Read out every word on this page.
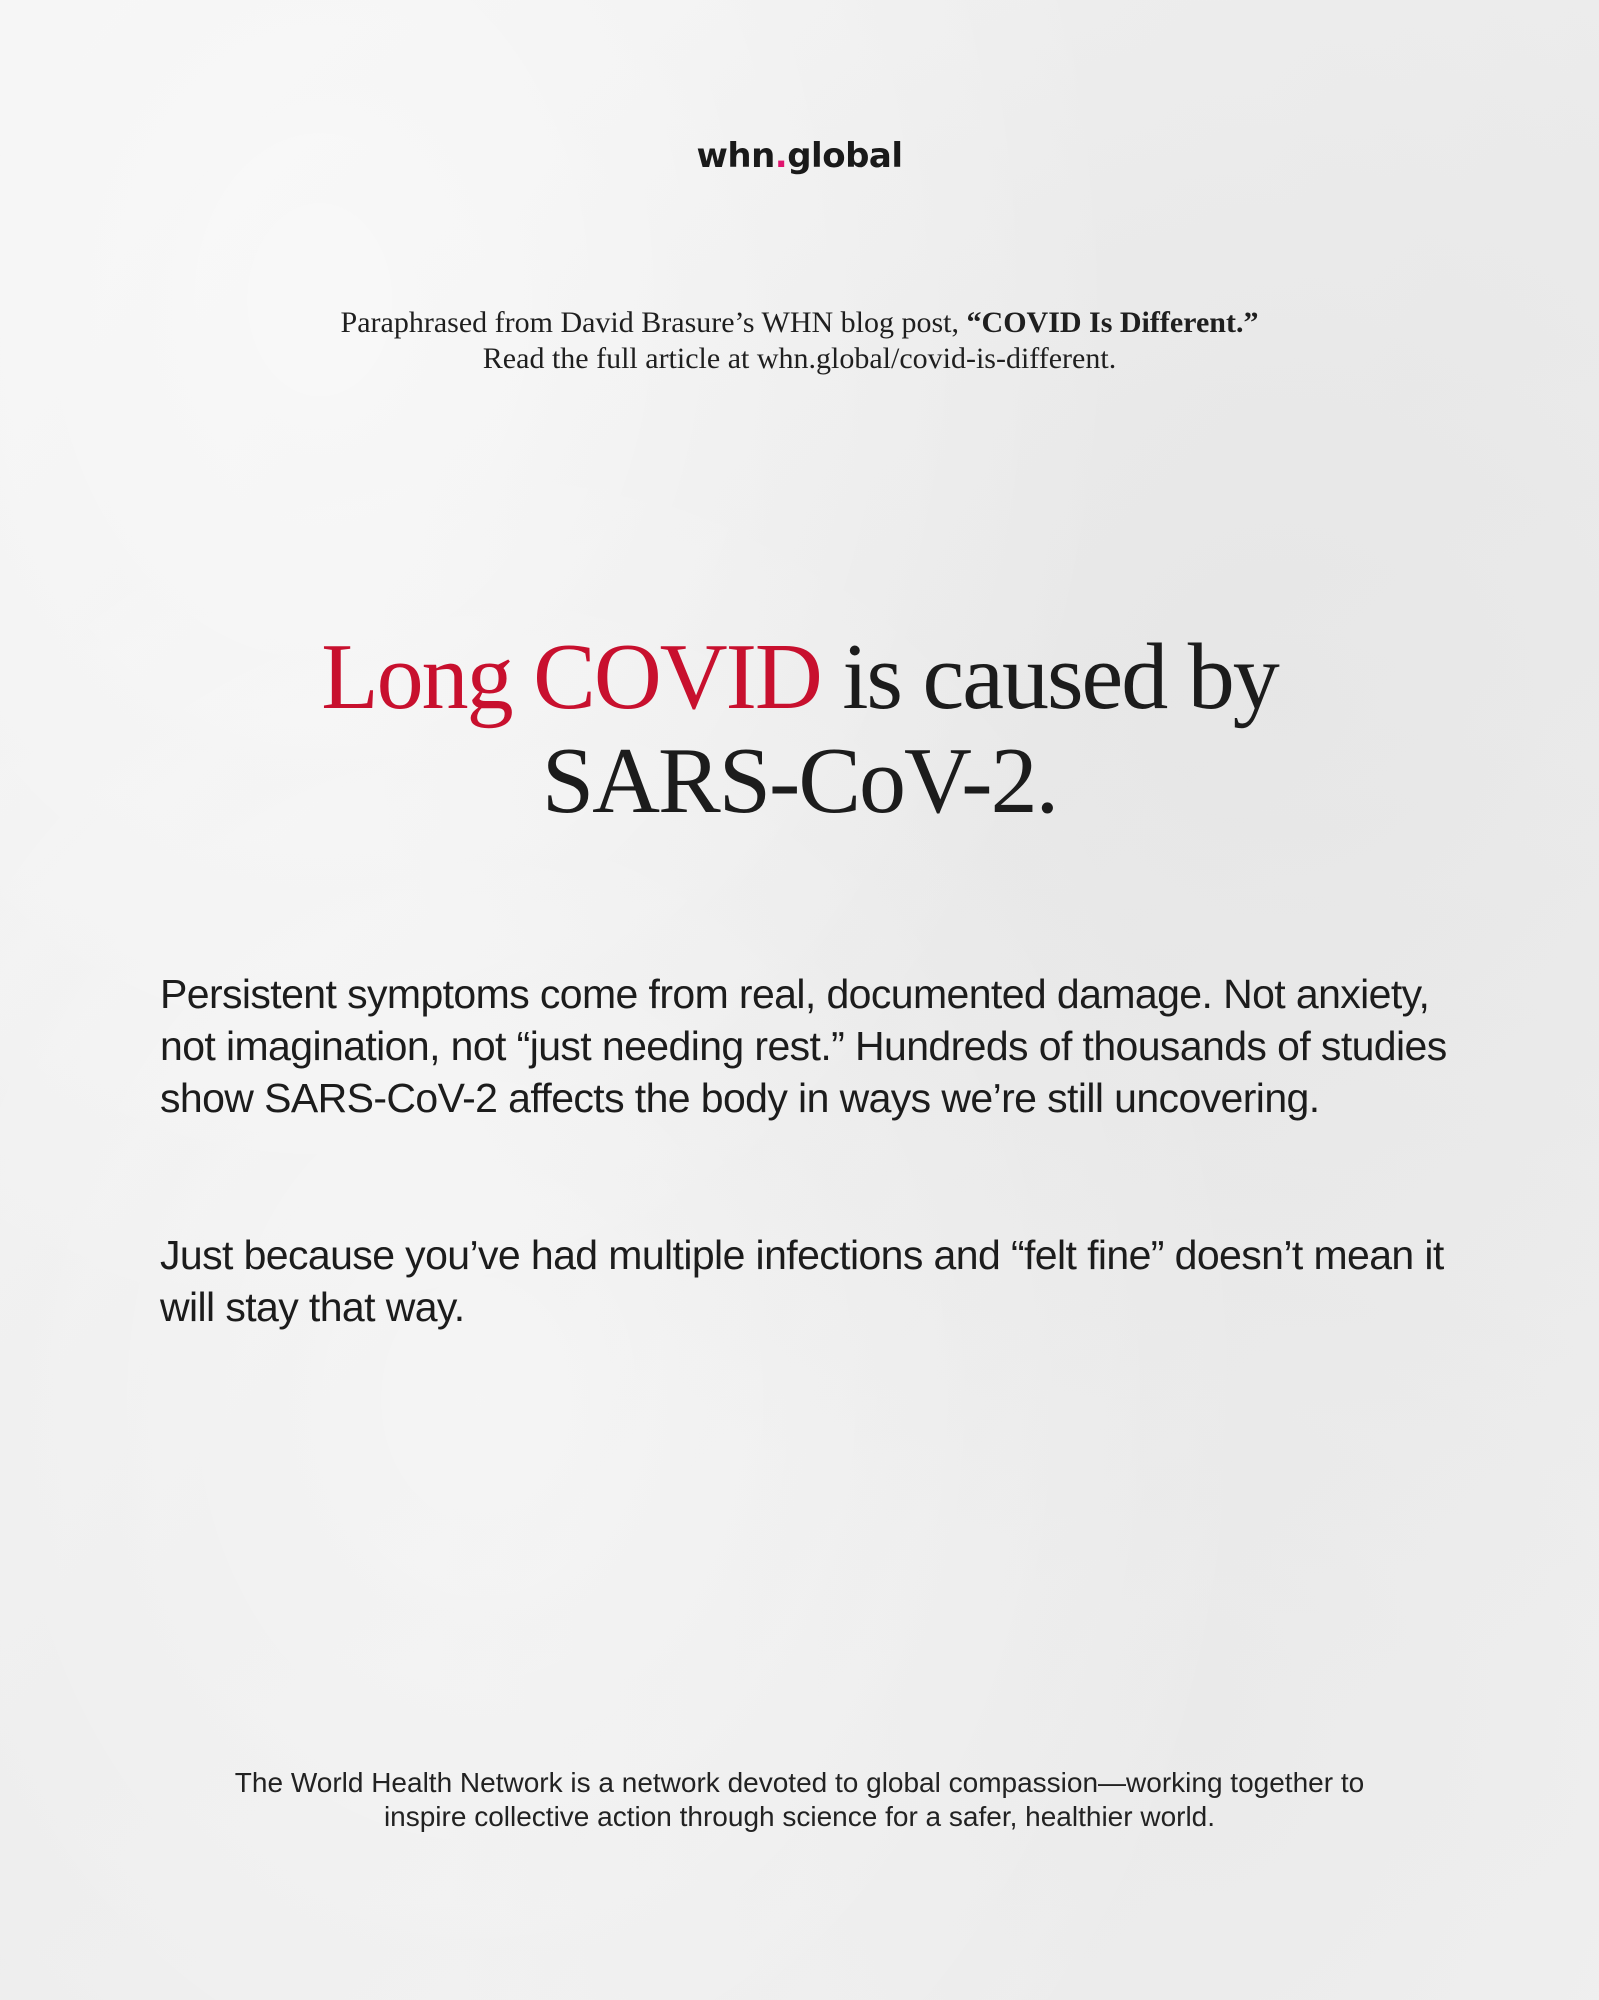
whn.global
Paraphrased from David Brasure’s WHN blog post, “COVID Is Different.”
Read the full article at whn.global/covid-is-different.
Long COVID is caused by
SARS-CoV-2.

Persistent symptoms come from real, documented damage. Not anxiety, not imagination, not “just needing rest.” Hundreds of thousands of studies show SARS-CoV-2 affects the body in ways we’re still uncovering.

Just because you’ve had multiple infections and “felt fine” doesn’t mean it will stay that way.

The World Health Network is a network devoted to global compassion—working together to
inspire collective action through science for a safer, healthier world.
